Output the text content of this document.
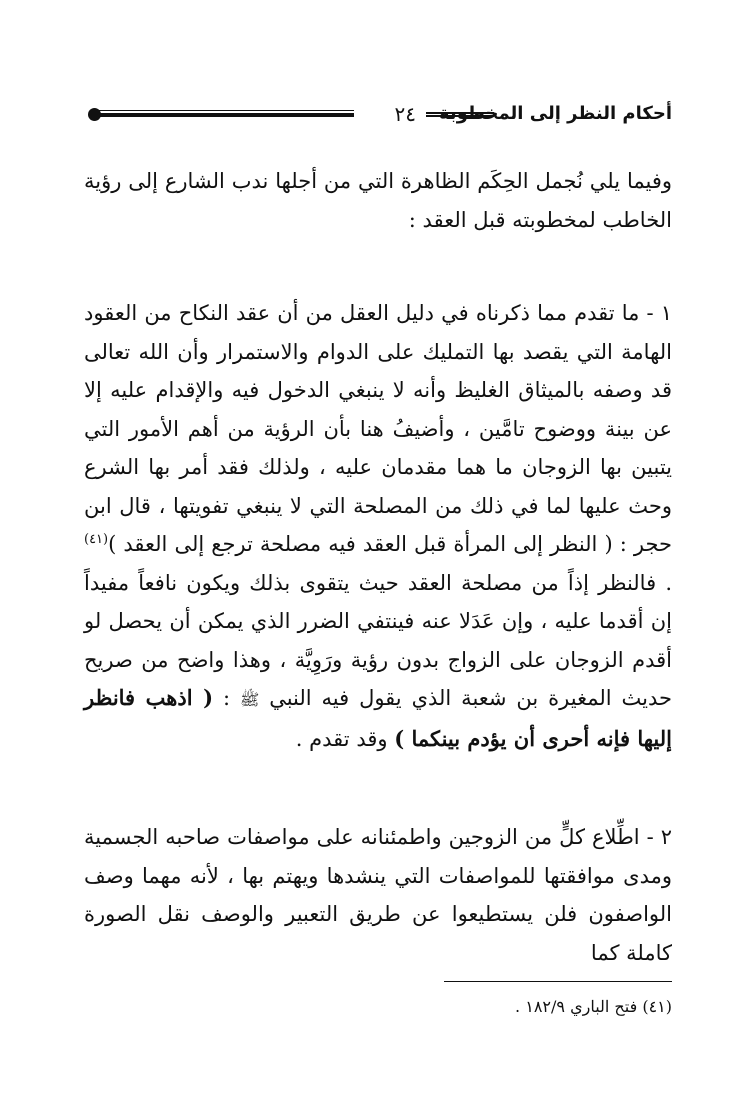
أحكام النظر إلى المخطوبة
٢٤

وفيما يلي نُجمل الحِكَم الظاهرة التي من أجلها ندب الشارع إلى رؤية الخاطب لمخطوبته قبل العقد :

١ - ما تقدم مما ذكرناه في دليل العقل من أن عقد النكاح من العقود الهامة التي يقصد بها التمليك على الدوام والاستمرار وأن الله تعالى قد وصفه بالميثاق الغليظ وأنه لا ينبغي الدخول فيه والإقدام عليه إلا عن بينة ووضوح تامَّين ، وأضيفُ هنا بأن الرؤية من أهم الأمور التي يتبين بها الزوجان ما هما مقدمان عليه ، ولذلك فقد أمر بها الشرع وحث عليها لما في ذلك من المصلحة التي لا ينبغي تفويتها ، قال ابن حجر : ( النظر إلى المرأة قبل العقد فيه مصلحة ترجع إلى العقد )$^{(٤١)}$ . فالنظر إذاً من مصلحة العقد حيث يتقوى بذلك ويكون نافعاً مفيداً إن أقدما عليه ، وإن عَدَلا عنه فينتفي الضرر الذي يمكن أن يحصل لو أقدم الزوجان على الزواج بدون رؤية ورَوِيَّة ، وهذا واضح من صريح حديث المغيرة بن شعبة الذي يقول فيه النبي ﷺ : ( اذهب فانظر إليها فإنه أحرى أن يؤدم بينكما ) وقد تقدم .

٢ - اطِّلاع كلٍّ من الزوجين واطمئنانه على مواصفات صاحبه الجسمية ومدى موافقتها للمواصفات التي ينشدها ويهتم بها ، لأنه مهما وصف الواصفون فلن يستطيعوا عن طريق التعبير والوصف نقل الصورة كاملة كما

(٤١) فتح الباري ١٨٢/٩ .
